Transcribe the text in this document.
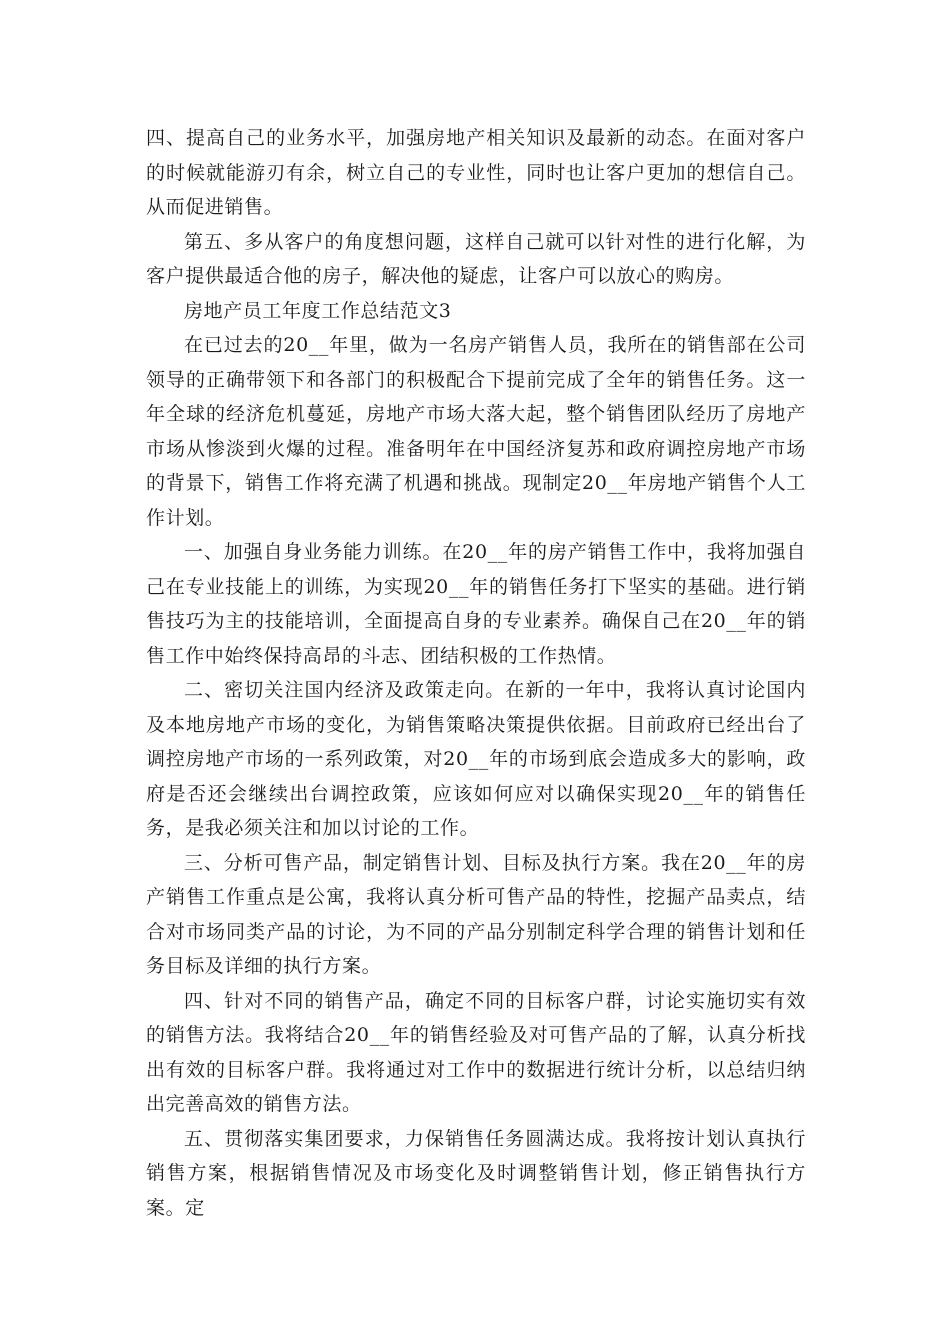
四、提高自己的业务水平，加强房地产相关知识及最新的动态。在面对客户的时候就能游刃有余，树立自己的专业性，同时也让客户更加的想信自己。从而促进销售。

第五、多从客户的角度想问题，这样自己就可以针对性的进行化解，为客户提供最适合他的房子，解决他的疑虑，让客户可以放心的购房。

房地产员工年度工作总结范文3

在已过去的20__年里，做为一名房产销售人员，我所在的销售部在公司领导的正确带领下和各部门的积极配合下提前完成了全年的销售任务。这一年全球的经济危机蔓延，房地产市场大落大起，整个销售团队经历了房地产市场从惨淡到火爆的过程。准备明年在中国经济复苏和政府调控房地产市场的背景下，销售工作将充满了机遇和挑战。现制定20__年房地产销售个人工作计划。

一、加强自身业务能力训练。在20__年的房产销售工作中，我将加强自己在专业技能上的训练，为实现20__年的销售任务打下坚实的基础。进行销售技巧为主的技能培训，全面提高自身的专业素养。确保自己在20__年的销售工作中始终保持高昂的斗志、团结积极的工作热情。

二、密切关注国内经济及政策走向。在新的一年中，我将认真讨论国内及本地房地产市场的变化，为销售策略决策提供依据。目前政府已经出台了调控房地产市场的一系列政策，对20__年的市场到底会造成多大的影响，政府是否还会继续出台调控政策，应该如何应对以确保实现20__年的销售任务，是我必须关注和加以讨论的工作。

三、分析可售产品，制定销售计划、目标及执行方案。我在20__年的房产销售工作重点是公寓，我将认真分析可售产品的特性，挖掘产品卖点，结合对市场同类产品的讨论，为不同的产品分别制定科学合理的销售计划和任务目标及详细的执行方案。

四、针对不同的销售产品，确定不同的目标客户群，讨论实施切实有效的销售方法。我将结合20__年的销售经验及对可售产品的了解，认真分析找出有效的目标客户群。我将通过对工作中的数据进行统计分析，以总结归纳出完善高效的销售方法。

五、贯彻落实集团要求，力保销售任务圆满达成。我将按计划认真执行销售方案，根据销售情况及市场变化及时调整销售计划，修正销售执行方案。定
